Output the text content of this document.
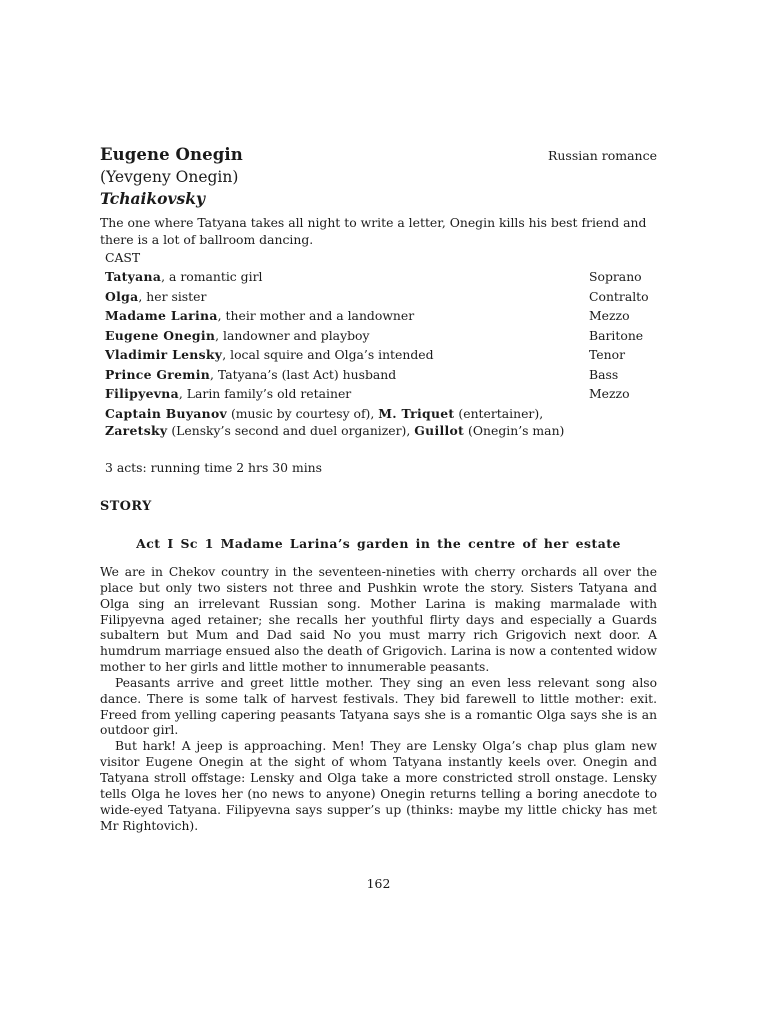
Eugene Onegin	Russian romance
(Yevgeny Onegin)
Tchaikovsky
The one where Tatyana takes all night to write a letter, Onegin kills his best friend and there is a lot of ballroom dancing.
CAST
Tatyana, a romantic girl	Soprano
Olga, her sister	Contralto
Madame Larina, their mother and a landowner	Mezzo
Eugene Onegin, landowner and playboy	Baritone
Vladimir Lensky, local squire and Olga’s intended	Tenor
Prince Gremin, Tatyana’s (last Act) husband	Bass
Filipyevna, Larin family’s old retainer	Mezzo
Captain Buyanov (music by courtesy of), M. Triquet (entertainer),
Zaretsky (Lensky’s second and duel organizer), Guillot (Onegin’s man)
3 acts: running time 2 hrs 30 mins
STORY
Act I Sc 1 Madame Larina’s garden in the centre of her estate

We are in Chekov country in the seventeen-nineties with cherry orchards all over the place but only two sisters not three and Pushkin wrote the story. Sisters Tatyana and Olga sing an irrelevant Russian song. Mother Larina is making marmalade with Filipyevna aged retainer; she recalls her youthful flirty days and especially a Guards subaltern but Mum and Dad said No you must marry rich Grigovich next door. A humdrum marriage ensued also the death of Grigovich. Larina is now a contented widow mother to her girls and little mother to innumerable peasants.

Peasants arrive and greet little mother. They sing an even less relevant song also dance. There is some talk of harvest festivals. They bid farewell to little mother: exit. Freed from yelling capering peasants Tatyana says she is a romantic Olga says she is an outdoor girl.

But hark! A jeep is approaching. Men! They are Lensky Olga’s chap plus glam new visitor Eugene Onegin at the sight of whom Tatyana instantly keels over. Onegin and Tatyana stroll offstage: Lensky and Olga take a more constricted stroll onstage. Lensky tells Olga he loves her (no news to anyone) Onegin returns telling a boring anecdote to wide-eyed Tatyana. Filipyevna says supper’s up (thinks: maybe my little chicky has met Mr Rightovich).

162
